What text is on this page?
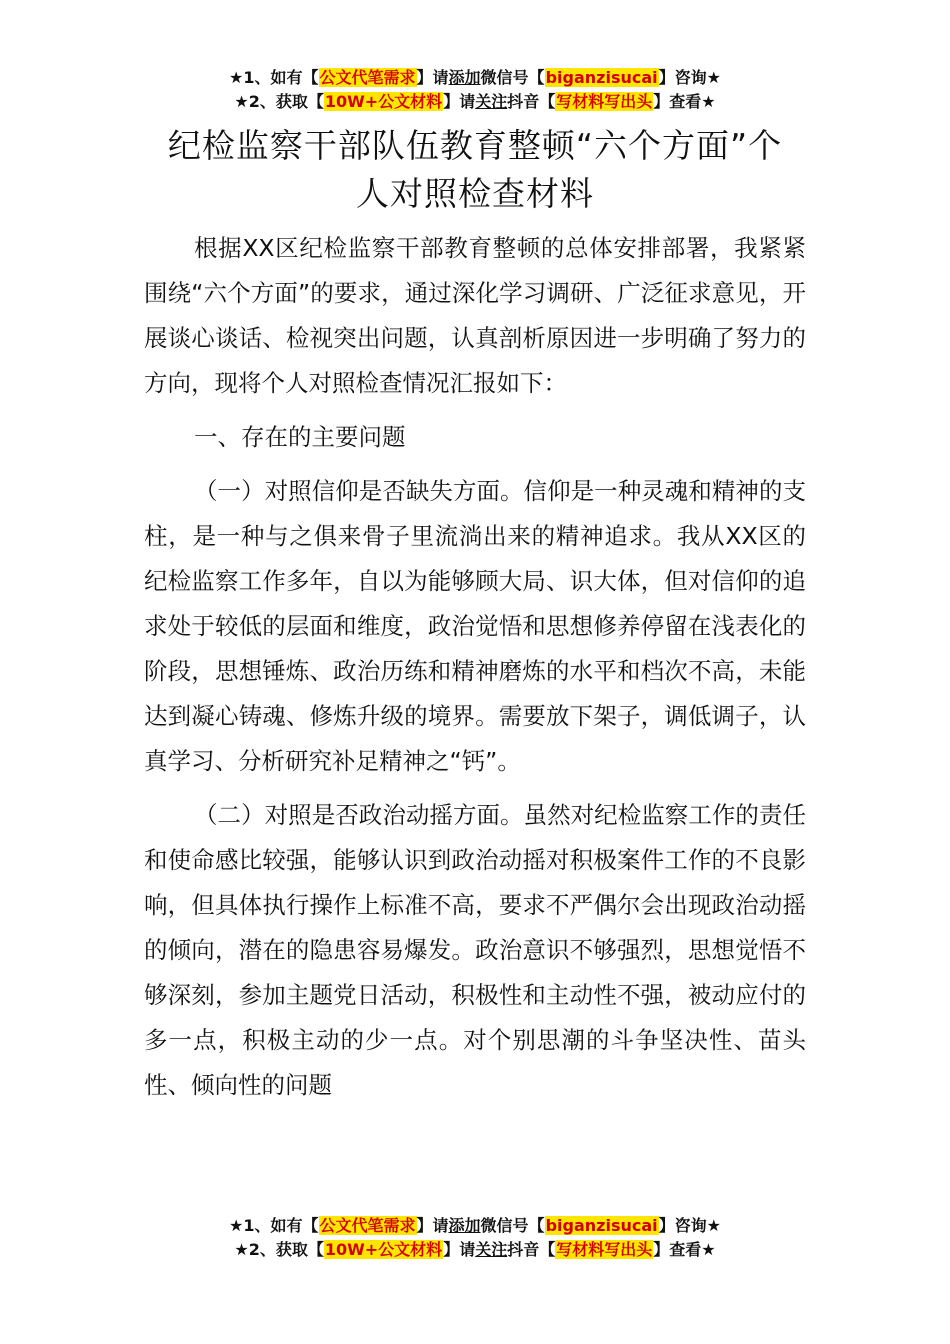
★1、如有【公文代笔需求】请添加微信号【biganzisucai】咨询★
★2、获取【10W+公文材料】请关注抖音【写材料写出头】查看★
纪检监察干部队伍教育整顿“六个方面”个
人对照检查材料

根据XX区纪检监察干部教育整顿的总体安排部署，我紧紧围绕“六个方面”的要求，通过深化学习调研、广泛征求意见，开展谈心谈话、检视突出问题，认真剖析原因进一步明确了努力的方向，现将个人对照检查情况汇报如下：

一、存在的主要问题

（一）对照信仰是否缺失方面。信仰是一种灵魂和精神的支柱，是一种与之俱来骨子里流淌出来的精神追求。我从XX区的纪检监察工作多年，自以为能够顾大局、识大体，但对信仰的追求处于较低的层面和维度，政治觉悟和思想修养停留在浅表化的阶段，思想锤炼、政治历练和精神磨炼的水平和档次不高，未能达到凝心铸魂、修炼升级的境界。需要放下架子，调低调子，认真学习、分析研究补足精神之“钙”。

（二）对照是否政治动摇方面。虽然对纪检监察工作的责任和使命感比较强，能够认识到政治动摇对积极案件工作的不良影响，但具体执行操作上标准不高，要求不严偶尔会出现政治动摇的倾向，潜在的隐患容易爆发。政治意识不够强烈，思想觉悟不够深刻，参加主题党日活动，积极性和主动性不强，被动应付的多一点，积极主动的少一点。对个别思潮的斗争坚决性、苗头性、倾向性的问题

★1、如有【公文代笔需求】请添加微信号【biganzisucai】咨询★
★2、获取【10W+公文材料】请关注抖音【写材料写出头】查看★
